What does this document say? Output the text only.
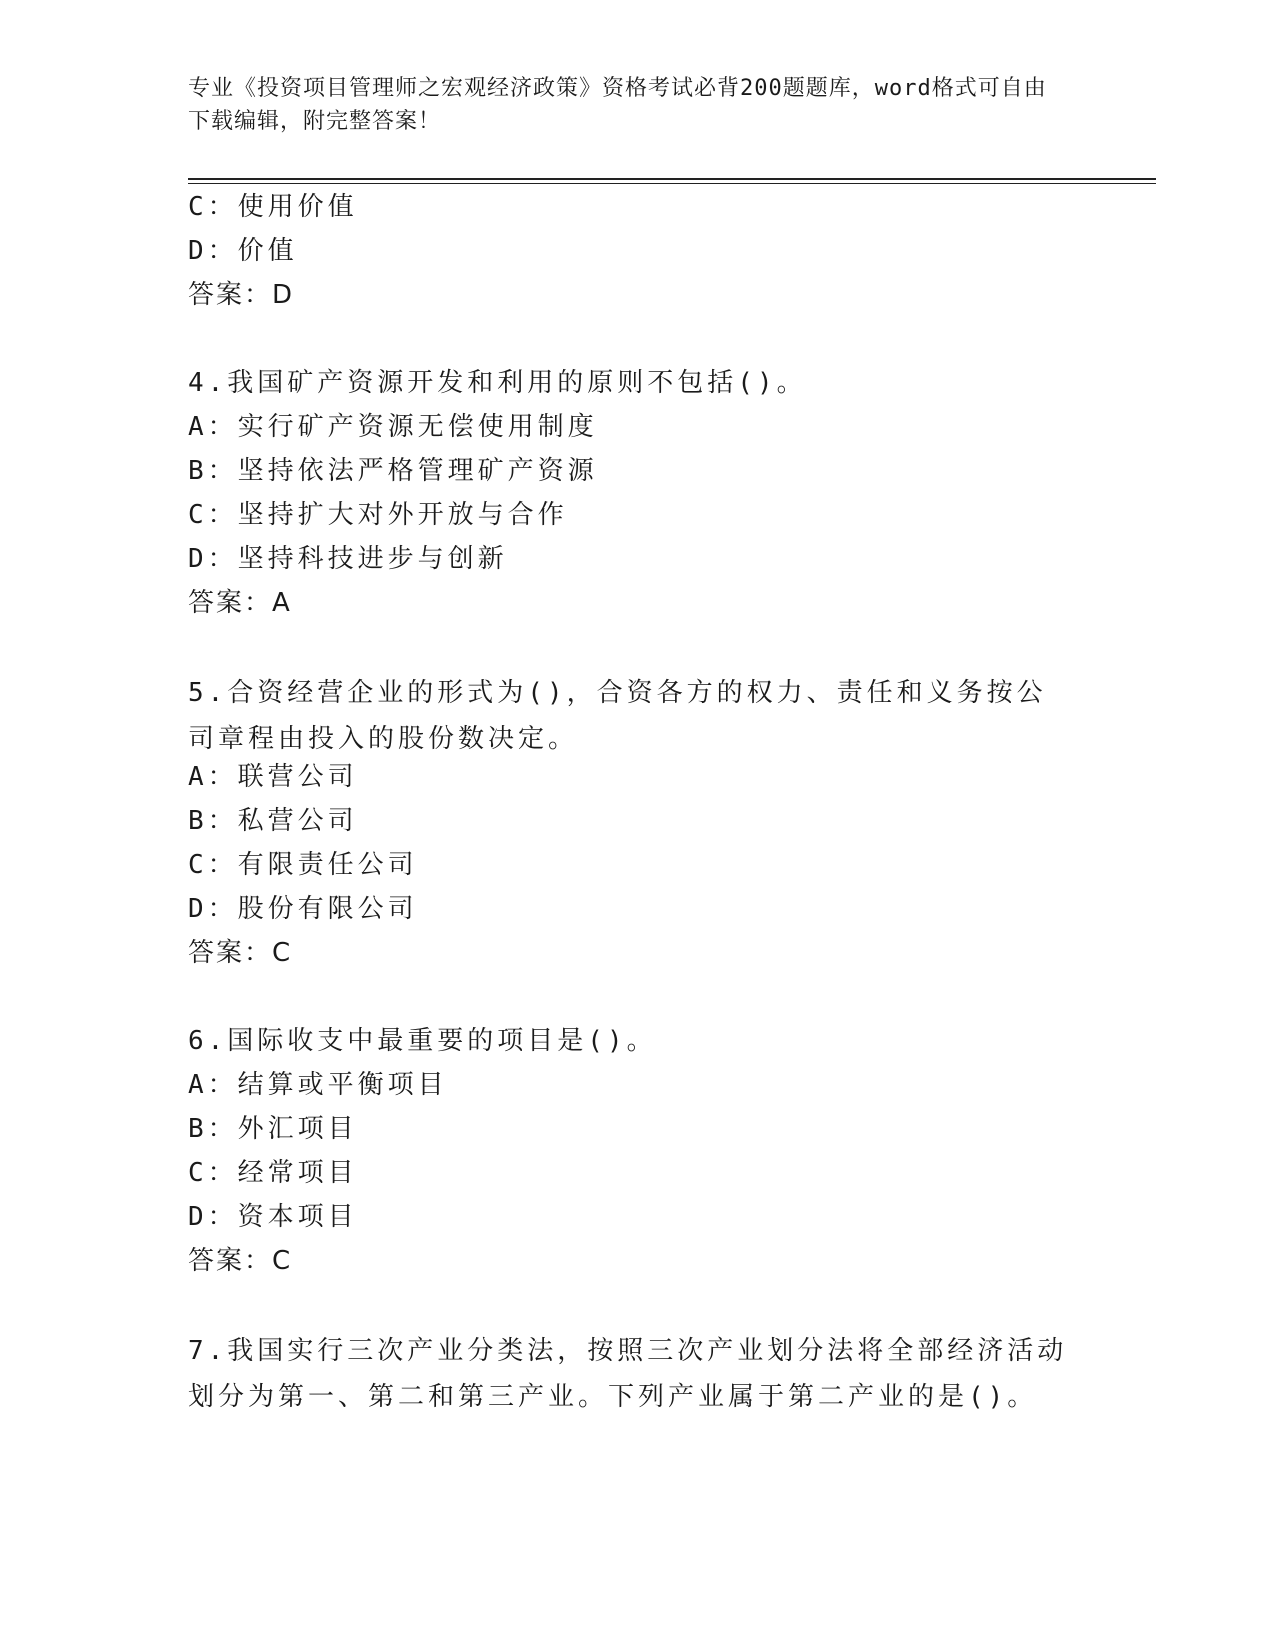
专业《投资项目管理师之宏观经济政策》资格考试必背200题题库，word格式可自由下载编辑，附完整答案！
C：使用价值
D：价值
答案：D
4.我国矿产资源开发和利用的原则不包括()。
A：实行矿产资源无偿使用制度
B：坚持依法严格管理矿产资源
C：坚持扩大对外开放与合作
D：坚持科技进步与创新
答案：A
5.合资经营企业的形式为()，合资各方的权力、责任和义务按公司章程由投入的股份数决定。
A：联营公司
B：私营公司
C：有限责任公司
D：股份有限公司
答案：C
6.国际收支中最重要的项目是()。
A：结算或平衡项目
B：外汇项目
C：经常项目
D：资本项目
答案：C
7.我国实行三次产业分类法，按照三次产业划分法将全部经济活动划分为第一、第二和第三产业。下列产业属于第二产业的是()。
